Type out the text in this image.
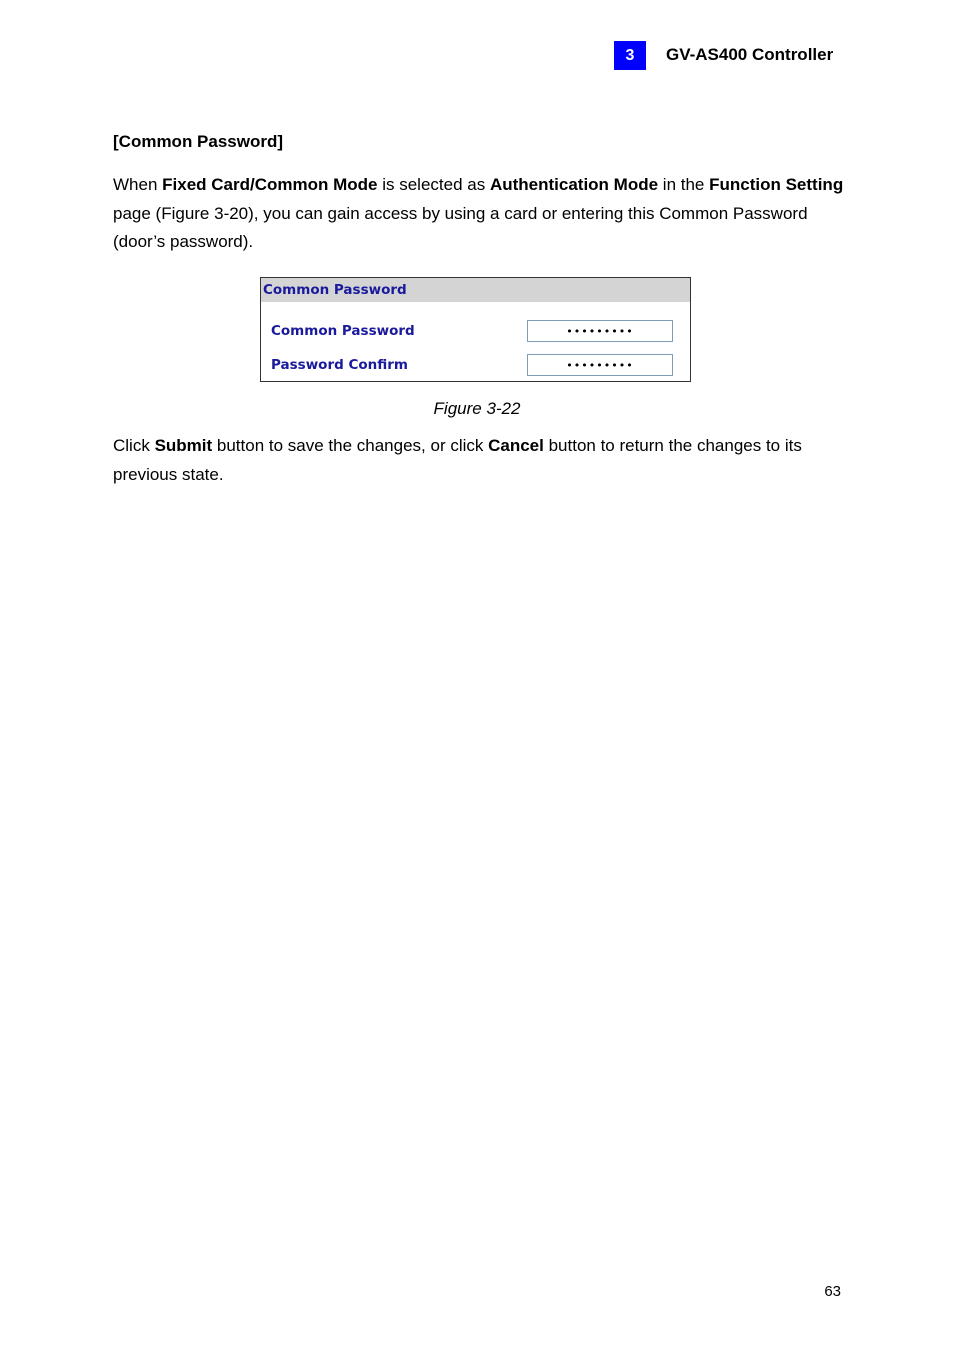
3	GV-AS400 Controller
[Common Password]

When Fixed Card/Common Mode is selected as Authentication Mode in the Function Setting page (Figure 3-20), you can gain access by using a card or entering this Common Password (door’s password).

Common Password
Common Password
Password Confirm
Figure 3-22

Click Submit button to save the changes, or click Cancel button to return the changes to its previous state.

63
